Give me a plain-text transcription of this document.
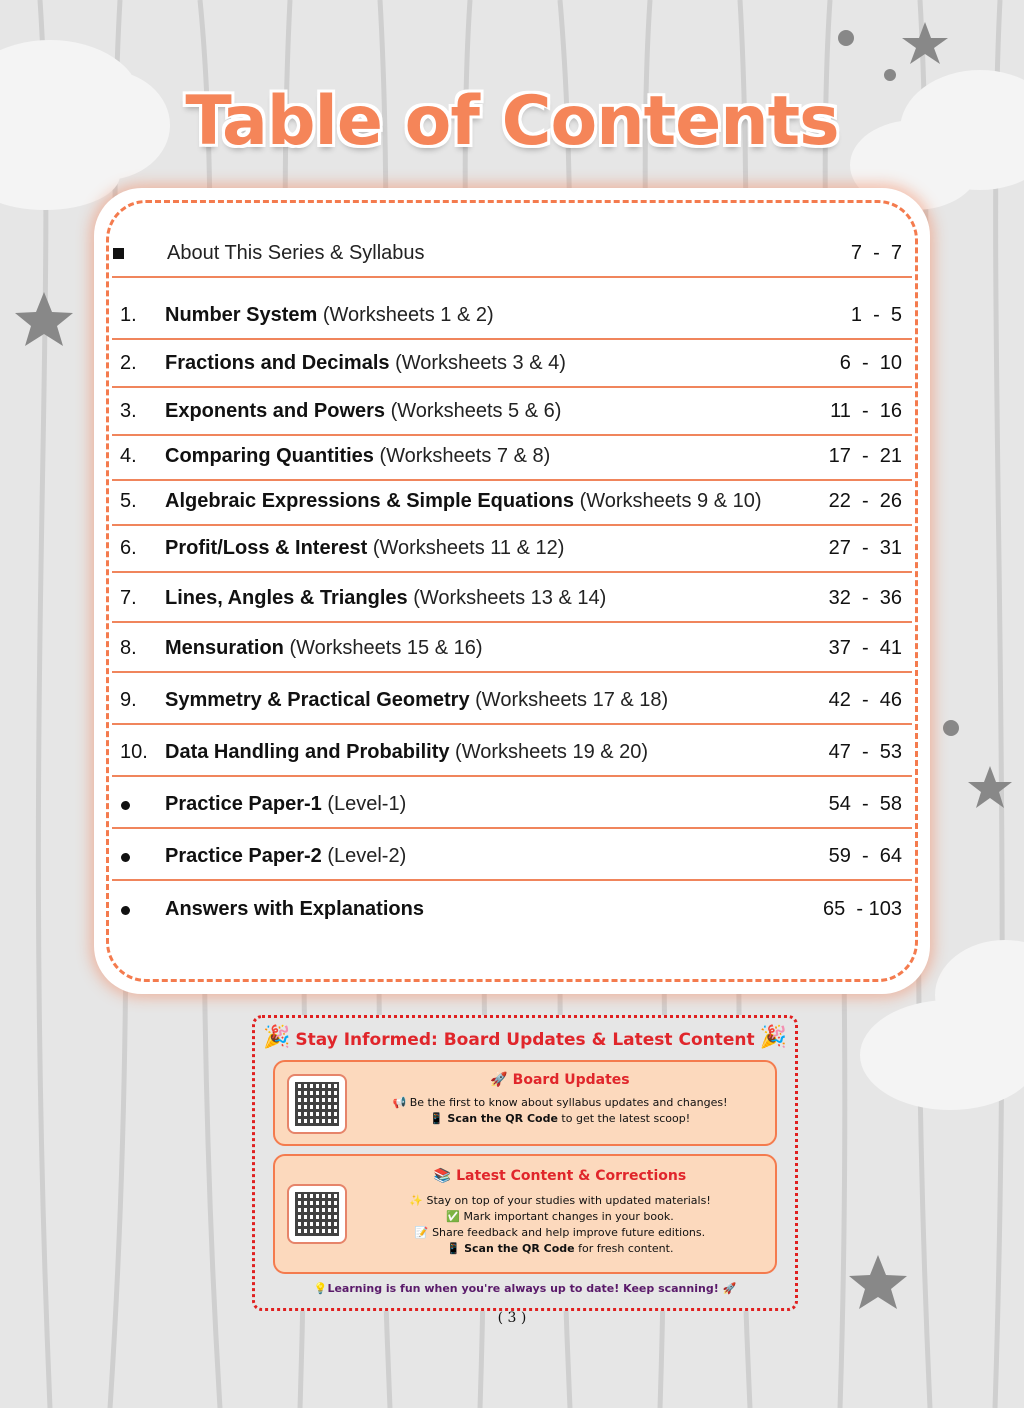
Table of Contents
About This Series & Syllabus	7  -  7
1.	Number System (Worksheets 1 & 2)	1  -  5
2.	Fractions and Decimals (Worksheets 3 & 4)	6  -  10
3.	Exponents and Powers (Worksheets 5 & 6)	11  -  16
4.	Comparing Quantities (Worksheets 7 & 8)	17  -  21
5.	Algebraic Expressions & Simple Equations (Worksheets 9 & 10)	22  -  26
6.	Profit/Loss & Interest (Worksheets 11 & 12)	27  -  31
7.	Lines, Angles & Triangles (Worksheets 13 & 14)	32  -  36
8.	Mensuration (Worksheets 15 & 16)	37  -  41
9.	Symmetry & Practical Geometry (Worksheets 17 & 18)	42  -  46
10. Data Handling and Probability (Worksheets 19 & 20)	47  -  53
Practice Paper-1 (Level-1)	54  -  58
Practice Paper-2 (Level-2)	59  -  64
Answers with Explanations	65  - 103
🎉	🎉
Stay Informed: Board Updates & Latest Content
🚀 Board Updates
📢 Be the first to know about syllabus updates and changes!
📱 Scan the QR Code to get the latest scoop!
📚 Latest Content & Corrections
✨ Stay on top of your studies with updated materials!
✅ Mark important changes in your book.
📝 Share feedback and help improve future editions.
📱 Scan the QR Code for fresh content.
💡Learning is fun when you're always up to date! Keep scanning! 🚀
( 3 )
